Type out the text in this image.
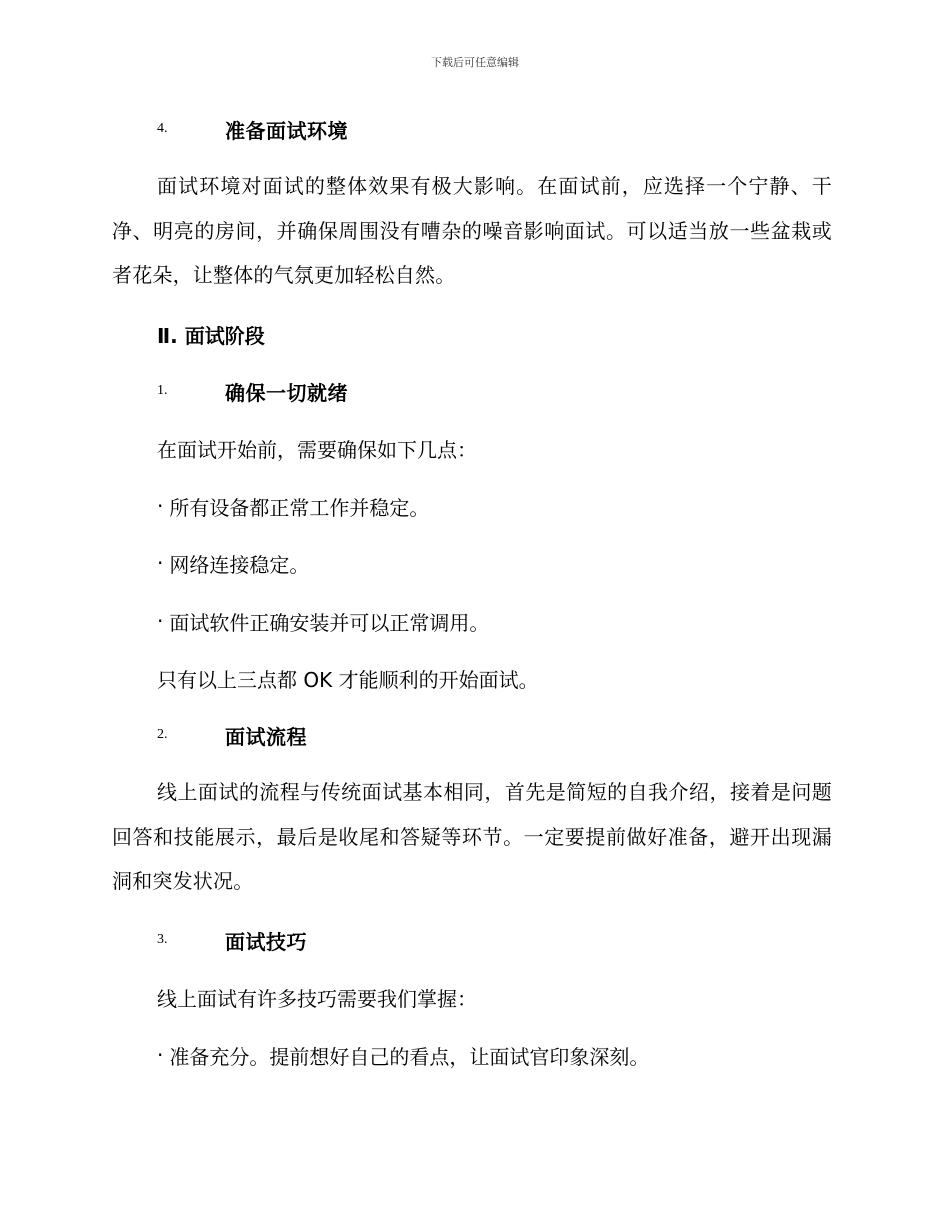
下载后可任意编辑
4.	准备面试环境

面试环境对面试的整体效果有极大影响。在面试前，应选择一个宁静、干净、明亮的房间，并确保周围没有嘈杂的噪音影响面试。可以适当放一些盆栽或者花朵，让整体的气氛更加轻松自然。

Ⅱ. 面试阶段
1.	确保一切就绪
在面试开始前，需要确保如下几点：
· 所有设备都正常工作并稳定。
· 网络连接稳定。
· 面试软件正确安装并可以正常调用。
只有以上三点都 OK 才能顺利的开始面试。
2.	面试流程

线上面试的流程与传统面试基本相同，首先是简短的自我介绍，接着是问题回答和技能展示，最后是收尾和答疑等环节。一定要提前做好准备，避开出现漏洞和突发状况。

3.	面试技巧
线上面试有许多技巧需要我们掌握：
· 准备充分。提前想好自己的看点，让面试官印象深刻。
